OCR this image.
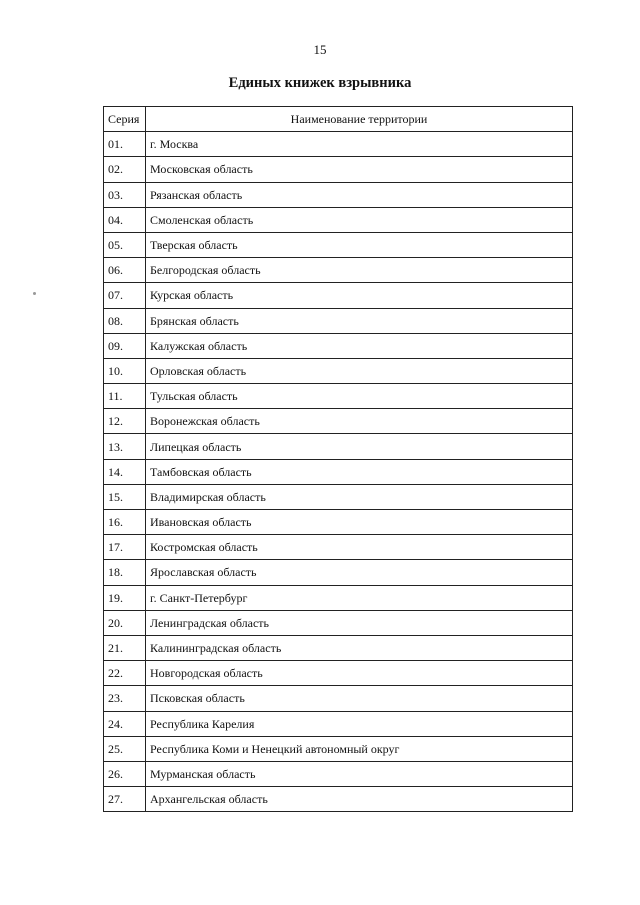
15
Единых книжек взрывника
Серия	Наименование территории
01.	г. Москва
02.	Московская область
03.	Рязанская область
04.	Смоленская область
05.	Тверская область
06.	Белгородская область
07.	Курская область
08.	Брянская область
09.	Калужская область
10.	Орловская область
11.	Тульская область
12.	Воронежская область
13.	Липецкая область
14.	Тамбовская область
15.	Владимирская область
16.	Ивановская область
17.	Костромская область
18.	Ярославская область
19.	г. Санкт-Петербург
20.	Ленинградская область
21.	Калининградская область
22.	Новгородская область
23.	Псковская область
24.	Республика Карелия
25.	Республика Коми и Ненецкий автономный округ
26.	Мурманская область
27.	Архангельская область
